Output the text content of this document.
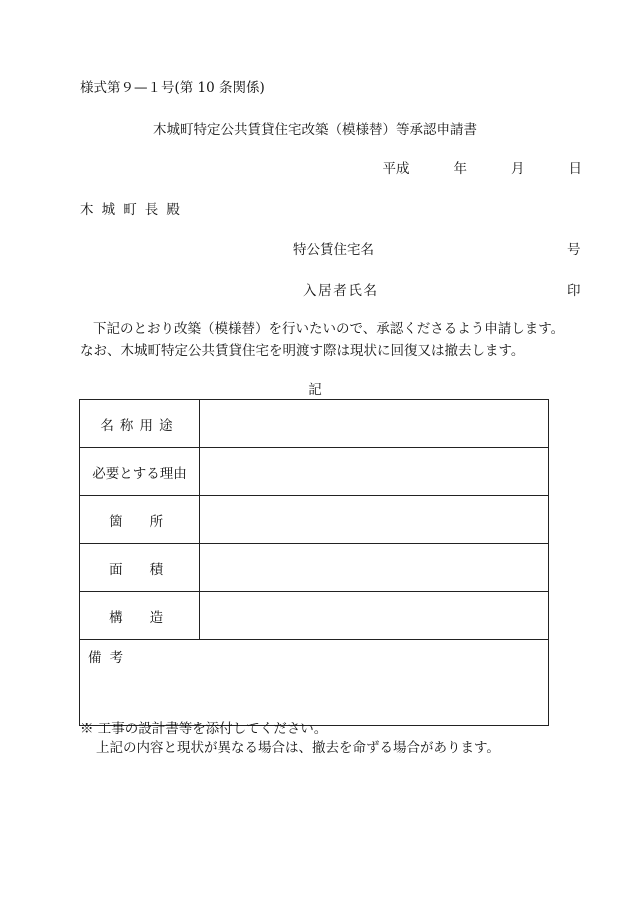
様式第９—１号(第 10 条関係)
木城町特定公共賃貸住宅改築（模様替）等承認申請書
平成	年	月	日
木城町長殿
特公賃住宅名	号
入居者氏名	印
下記のとおり改築（模様替）を行いたいので、承認くださるよう申請します。
なお、木城町特定公共賃貸住宅を明渡す際は現状に回復又は撤去します。
記
名称用途	
必要とする理由	
箇　所	
面　積	
構　造	
備考	
※ 工事の設計書等を添付してください。
上記の内容と現状が異なる場合は、撤去を命ずる場合があります。
